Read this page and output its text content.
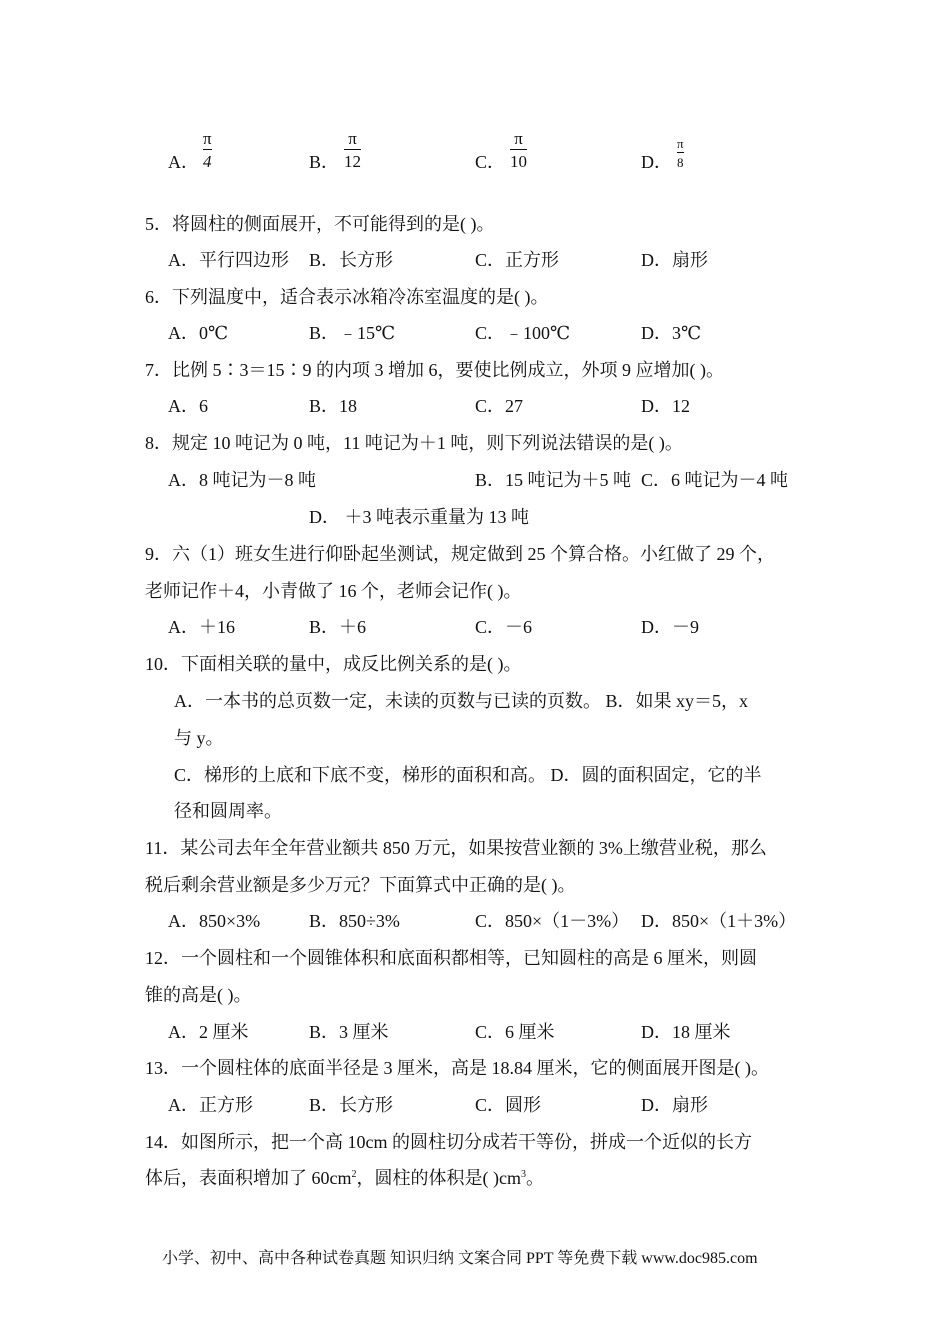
A．
π
4	B．
π
12	C．
π
10	D．
π
8
5．将圆柱的侧面展开，不可能得到的是( )。
A．平行四边形 B．长方形	C．正方形	D．扇形
6．下列温度中，适合表示冰箱冷冻室温度的是( )。
A．0℃	B．﹣15℃	C．﹣100℃	D．3℃
7．比例 5∶3＝15∶9 的内项 3 增加 6，要使比例成立，外项 9 应增加( )。
A．6	B．18	C．27	D．12
8．规定 10 吨记为 0 吨，11 吨记为＋1 吨，则下列说法错误的是( )。
A．8 吨记为－8 吨	B．15 吨记为＋5 吨 C．6 吨记为－4 吨
D． ＋3 吨表示重量为 13 吨
9．六（1）班女生进行仰卧起坐测试，规定做到 25 个算合格。小红做了 29 个，
老师记作＋4，小青做了 16 个，老师会记作( )。
A．＋16	B．＋6	C．－6	D．－9
10．下面相关联的量中，成反比例关系的是( )。
A．一本书的总页数一定，未读的页数与已读的页数。 B．如果 xy＝5，x
与 y。
C．梯形的上底和下底不变，梯形的面积和高。 D．圆的面积固定，它的半
径和圆周率。
11．某公司去年全年营业额共 850 万元，如果按营业额的 3%上缴营业税，那么
税后剩余营业额是多少万元？下面算式中正确的是( )。
A．850×3%	B．850÷3%	C．850×（1－3%） D．850×（1＋3%）
12．一个圆柱和一个圆锥体积和底面积都相等，已知圆柱的高是 6 厘米，则圆
锥的高是( )。
A．2 厘米	B．3 厘米	C．6 厘米	D．18 厘米
13．一个圆柱体的底面半径是 3 厘米，高是 18.84 厘米，它的侧面展开图是( )。
A．正方形	B．长方形	C．圆形	D．扇形
14．如图所示，把一个高 10cm 的圆柱切分成若干等份，拼成一个近似的长方
体后，表面积增加了 $60cm^2$，圆柱的体积是( )$cm^3$。
小学、初中、高中各种试卷真题 知识归纳 文案合同 PPT 等免费下载 www.doc985.com
